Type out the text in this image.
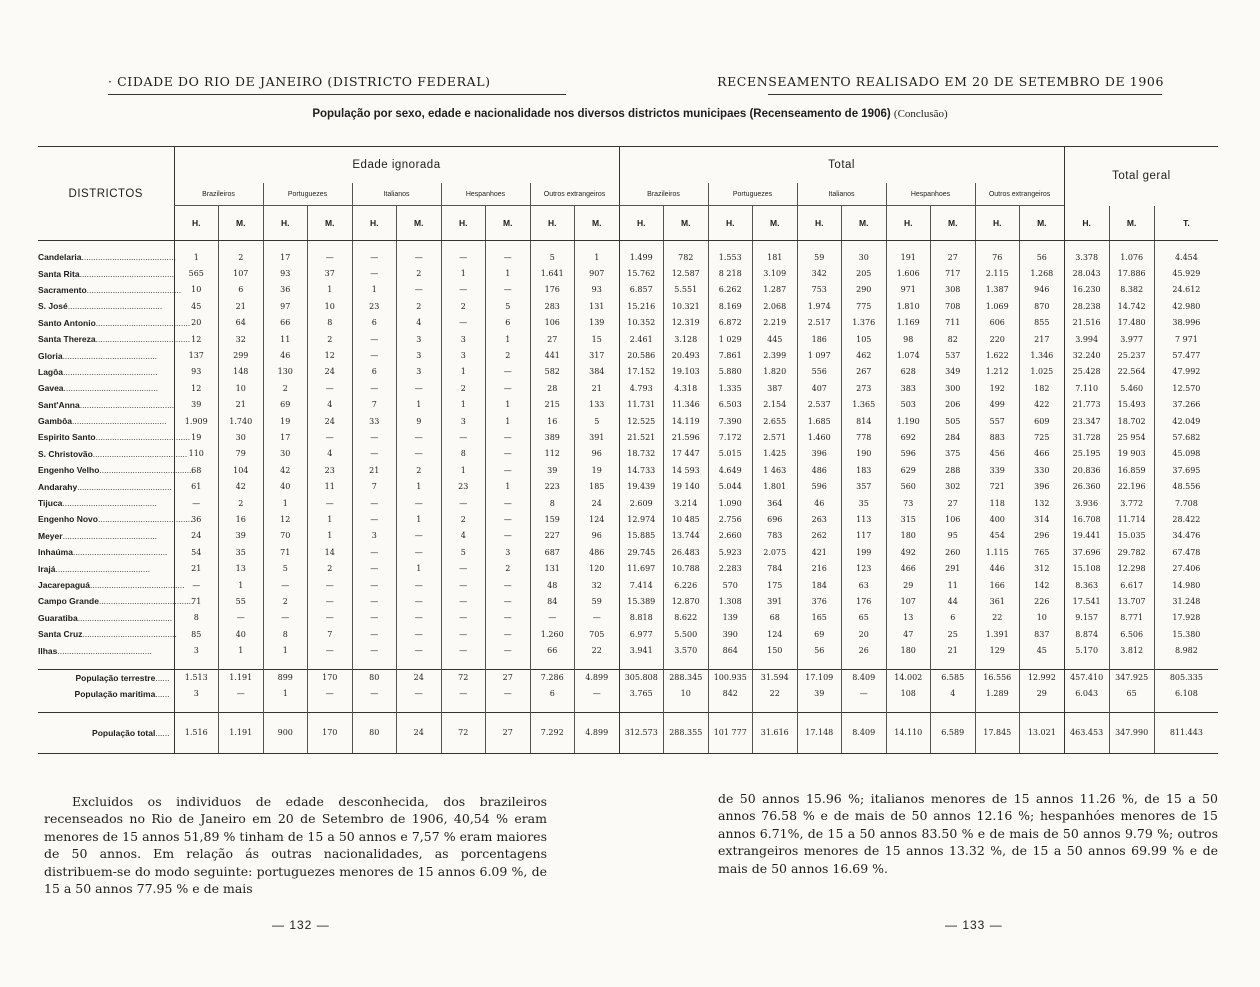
· CIDADE DO RIO DE JANEIRO (DISTRICTO FEDERAL)	RECENSEAMENTO REALISADO EM 20 DE SETEMBRO DE 1906
População por sexo, edade e nacionalidade nos diversos districtos municipaes (Recenseamento de 1906) (Conclusão)
DISTRICTOS	Edade ignorada										Total										Total geral		
	Brazileiros		Portuguezes		Italianos		Hespanhoes		Outros extrangeiros		Brazileiros		Portuguezes		Italianos		Hespanhoes		Outros extrangeiros				
	H.	M.	H.	M.	H.	M.	H.	M.	H.	M.	H.	M.	H.	M.	H.	M.	H.	M.	H.	M.	H.	M.	T.
Candelaria........................................	1	2	17	—	—	—	—	—	5	1	1.499	782	1.553	181	59	30	191	27	76	56	3.378	1.076	4.454
Santa Rita........................................	565	107	93	37	—	2	1	1	1.641	907	15.762	12.587	8 218	3.109	342	205	1.606	717	2.115	1.268	28.043	17.886	45.929
Sacramento........................................	10	6	36	1	1	—	—	—	176	93	6.857	5.551	6.262	1.287	753	290	971	308	1.387	946	16.230	8.382	24.612
S. José........................................	45	21	97	10	23	2	2	5	283	131	15.216	10.321	8.169	2.068	1.974	775	1.810	708	1.069	870	28.238	14.742	42.980
Santo Antonio........................................	20	64	66	8	6	4	—	6	106	139	10.352	12.319	6.872	2.219	2.517	1.376	1.169	711	606	855	21.516	17.480	38.996
Santa Thereza........................................	12	32	11	2	—	3	3	1	27	15	2.461	3.128	1 029	445	186	105	98	82	220	217	3.994	3.977	7 971
Gloria........................................	137	299	46	12	—	3	3	2	441	317	20.586	20.493	7.861	2.399	1 097	462	1.074	537	1.622	1.346	32.240	25.237	57.477
Lagôa........................................	93	148	130	24	6	3	1	—	582	384	17.152	19.103	5.880	1.820	556	267	628	349	1.212	1.025	25.428	22.564	47.992
Gavea........................................	12	10	2	—	—	—	2	—	28	21	4.793	4.318	1.335	387	407	273	383	300	192	182	7.110	5.460	12.570
Sant'Anna........................................	39	21	69	4	7	1	1	1	215	133	11.731	11.346	6.503	2.154	2.537	1.365	503	206	499	422	21.773	15.493	37.266
Gambôa........................................	1.909	1.740	19	24	33	9	3	1	16	5	12.525	14.119	7.390	2.655	1.685	814	1.190	505	557	609	23.347	18.702	42.049
Espirito Santo........................................	19	30	17	—	—	—	—	—	389	391	21.521	21.596	7.172	2.571	1.460	778	692	284	883	725	31.728	25 954	57.682
S. Christovão........................................	110	79	30	4	—	—	8	—	112	96	18.732	17 447	5.015	1.425	396	190	596	375	456	466	25.195	19 903	45.098
Engenho Velho........................................	68	104	42	23	21	2	1	—	39	19	14.733	14 593	4.649	1 463	486	183	629	288	339	330	20.836	16.859	37.695
Andarahy........................................	61	42	40	11	7	1	23	1	223	185	19.439	19 140	5.044	1.801	596	357	560	302	721	396	26.360	22.196	48.556
Tijuca........................................	—	2	1	—	—	—	—	—	8	24	2.609	3.214	1.090	364	46	35	73	27	118	132	3.936	3.772	7.708
Engenho Novo........................................	36	16	12	1	—	1	2	—	159	124	12.974	10 485	2.756	696	263	113	315	106	400	314	16.708	11.714	28.422
Meyer........................................	24	39	70	1	3	—	4	—	227	96	15.885	13.744	2.660	783	262	117	180	95	454	296	19.441	15.035	34.476
Inhaúma........................................	54	35	71	14	—	—	5	3	687	486	29.745	26.483	5.923	2.075	421	199	492	260	1.115	765	37.696	29.782	67.478
Irajá........................................	21	13	5	2	—	1	—	2	131	120	11.697	10.788	2.283	784	216	123	466	291	446	312	15.108	12.298	27.406
Jacarepaguá........................................	—	1	—	—	—	—	—	—	48	32	7.414	6.226	570	175	184	63	29	11	166	142	8.363	6.617	14.980
Campo Grande........................................	71	55	2	—	—	—	—	—	84	59	15.389	12.870	1.308	391	376	176	107	44	361	226	17.541	13.707	31.248
Guaratiba........................................	8	—	—	—	—	—	—	—	—	—	8.818	8.622	139	68	165	65	13	6	22	10	9.157	8.771	17.928
Santa Cruz........................................	85	40	8	7	—	—	—	—	1.260	705	6.977	5.500	390	124	69	20	47	25	1.391	837	8.874	6.506	15.380
Ilhas........................................	3	1	1	—	—	—	—	—	66	22	3.941	3.570	864	150	56	26	180	21	129	45	5.170	3.812	8.982

População terrestre......	1.513	1.191	899	170	80	24	72	27	7.286	4.899	305.808	288.345	100.935	31.594	17.109	8.409	14.002	6.585	16.556	12.992	457.410	347.925	805.335
População maritima......	3	—	1	—	—	—	—	—	6	—	3.765	10	842	22	39	—	108	4	1.289	29	6.043	65	6.108

População total......	1.516	1.191	900	170	80	24	72	27	7.292	4.899	312.573	288.355	101 777	31.616	17.148	8.409	14.110	6.589	17.845	13.021	463.453	347.990	811.443
Excluidos os individuos de edade desconhecida, dos brazileiros recenseados no Rio de Janeiro em 20 de Setembro de 1906, 40,54 % eram menores de 15 annos 51,89 % tinham de 15 a 50 annos e 7,57 % eram maiores de 50 annos. Em relação ás outras nacionalidades, as porcentagens distribuem-se do modo seguinte: portuguezes menores de 15 annos 6.09 %, de 15 a 50 annos 77.95 % e de mais
de 50 annos 15.96 %; italianos menores de 15 annos 11.26 %, de 15 a 50 annos 76.58 % e de mais de 50 annos 12.16 %; hespanhóes menores de 15 annos 6.71%, de 15 a 50 annos 83.50 % e de mais de 50 annos 9.79 %; outros extrangeiros menores de 15 annos 13.32 %, de 15 a 50 annos 69.99 % e de mais de 50 annos 16.69 %.
— 132 —	— 133 —
